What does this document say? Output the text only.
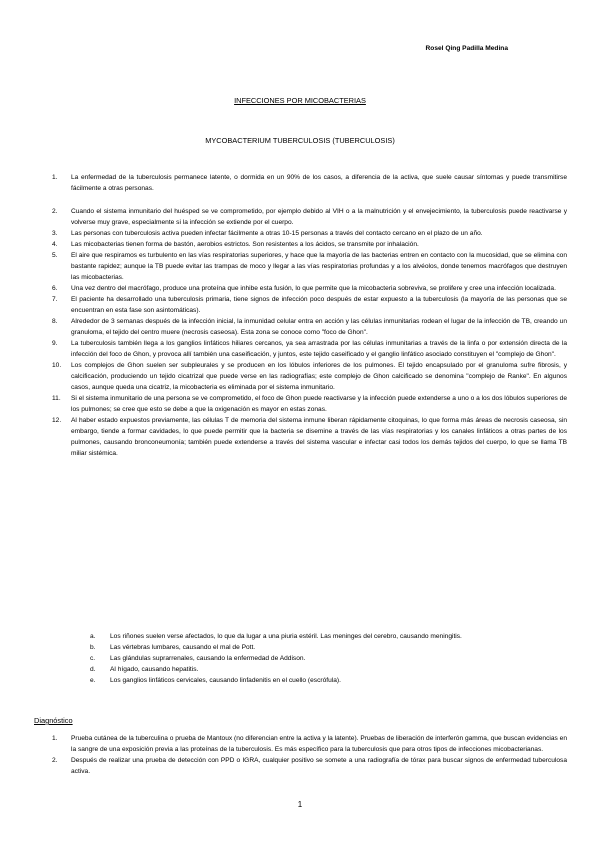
Rosel Qing Padilla Medina
INFECCIONES POR MICOBACTERIAS
MYCOBACTERIUM TUBERCULOSIS (TUBERCULOSIS)
1.	La enfermedad de la tuberculosis permanece latente, o dormida en un 90% de los casos, a diferencia de la activa, que suele causar síntomas y puede transmitirse fácilmente a otras personas.
2.	Cuando el sistema inmunitario del huésped se ve comprometido, por ejemplo debido al VIH o a la malnutrición y el envejecimiento, la tuberculosis puede reactivarse y volverse muy grave, especialmente si la infección se extiende por el cuerpo.
3.	Las personas con tuberculosis activa pueden infectar fácilmente a otras 10-15 personas a través del contacto cercano en el plazo de un año.
4.	Las micobacterias tienen forma de bastón, aerobios estrictos. Son resistentes a los ácidos, se transmite por inhalación.
5.	El aire que respiramos es turbulento en las vías respiratorias superiores, y hace que la mayoría de las bacterias entren en contacto con la mucosidad, que se elimina con bastante rapidez; aunque la TB puede evitar las trampas de moco y llegar a las vías respiratorias profundas y a los alvéolos, donde tenemos macrófagos que destruyen las micobacterias.
6.	Una vez dentro del macrófago, produce una proteína que inhibe esta fusión, lo que permite que la micobacteria sobreviva, se prolifere y cree una infección localizada.
7.	El paciente ha desarrollado una tuberculosis primaria, tiene signos de infección poco después de estar expuesto a la tuberculosis (la mayoría de las personas que se encuentran en esta fase son asintomáticas).
8.	Alrededor de 3 semanas después de la infección inicial, la inmunidad celular entra en acción y las células inmunitarias rodean el lugar de la infección de TB, creando un granuloma, el tejido del centro muere (necrosis caseosa). Esta zona se conoce como "foco de Ghon".
9.	La tuberculosis también llega a los ganglios linfáticos hiliares cercanos, ya sea arrastrada por las células inmunitarias a través de la linfa o por extensión directa de la infección del foco de Ghon, y provoca allí también una caseificación, y juntos, este tejido caseificado y el ganglio linfático asociado constituyen el "complejo de Ghon".
10.	Los complejos de Ghon suelen ser subpleurales y se producen en los lóbulos inferiores de los pulmones. El tejido encapsulado por el granuloma sufre fibrosis, y calcificación, produciendo un tejido cicatrizal que puede verse en las radiografías; este complejo de Ghon calcificado se denomina "complejo de Ranke". En algunos casos, aunque queda una cicatriz, la micobacteria es eliminada por el sistema inmunitario.
11.	Si el sistema inmunitario de una persona se ve comprometido, el foco de Ghon puede reactivarse y la infección puede extenderse a uno o a los dos lóbulos superiores de los pulmones; se cree que esto se debe a que la oxigenación es mayor en estas zonas.
12.	Al haber estado expuestos previamente, las células T de memoria del sistema inmune liberan rápidamente citoquinas, lo que forma más áreas de necrosis caseosa, sin embargo, tiende a formar cavidades, lo que puede permitir que la bacteria se disemine a través de las vías respiratorias y los canales linfáticos a otras partes de los pulmones, causando bronconeumonía; también puede extenderse a través del sistema vascular e infectar casi todos los demás tejidos del cuerpo, lo que se llama TB miliar sistémica.
a. Los riñones suelen verse afectados, lo que da lugar a una piuria estéril. Las meninges del cerebro, causando meningitis.
b. Las vértebras lumbares, causando el mal de Pott.
c. Las glándulas suprarrenales, causando la enfermedad de Addison.
d. Al hígado, causando hepatitis.
e. Los ganglios linfáticos cervicales, causando linfadenitis en el cuello (escrófula).
Diagnóstico
1.	Prueba cutánea de la tuberculina o prueba de Mantoux (no diferencian entre la activa y la latente). Pruebas de liberación de interferón gamma, que buscan evidencias en la sangre de una exposición previa a las proteínas de la tuberculosis. Es más específico para la tuberculosis que para otros tipos de infecciones micobacterianas.
2.	Después de realizar una prueba de detección con PPD o IGRA, cualquier positivo se somete a una radiografía de tórax para buscar signos de enfermedad tuberculosa activa.
1
